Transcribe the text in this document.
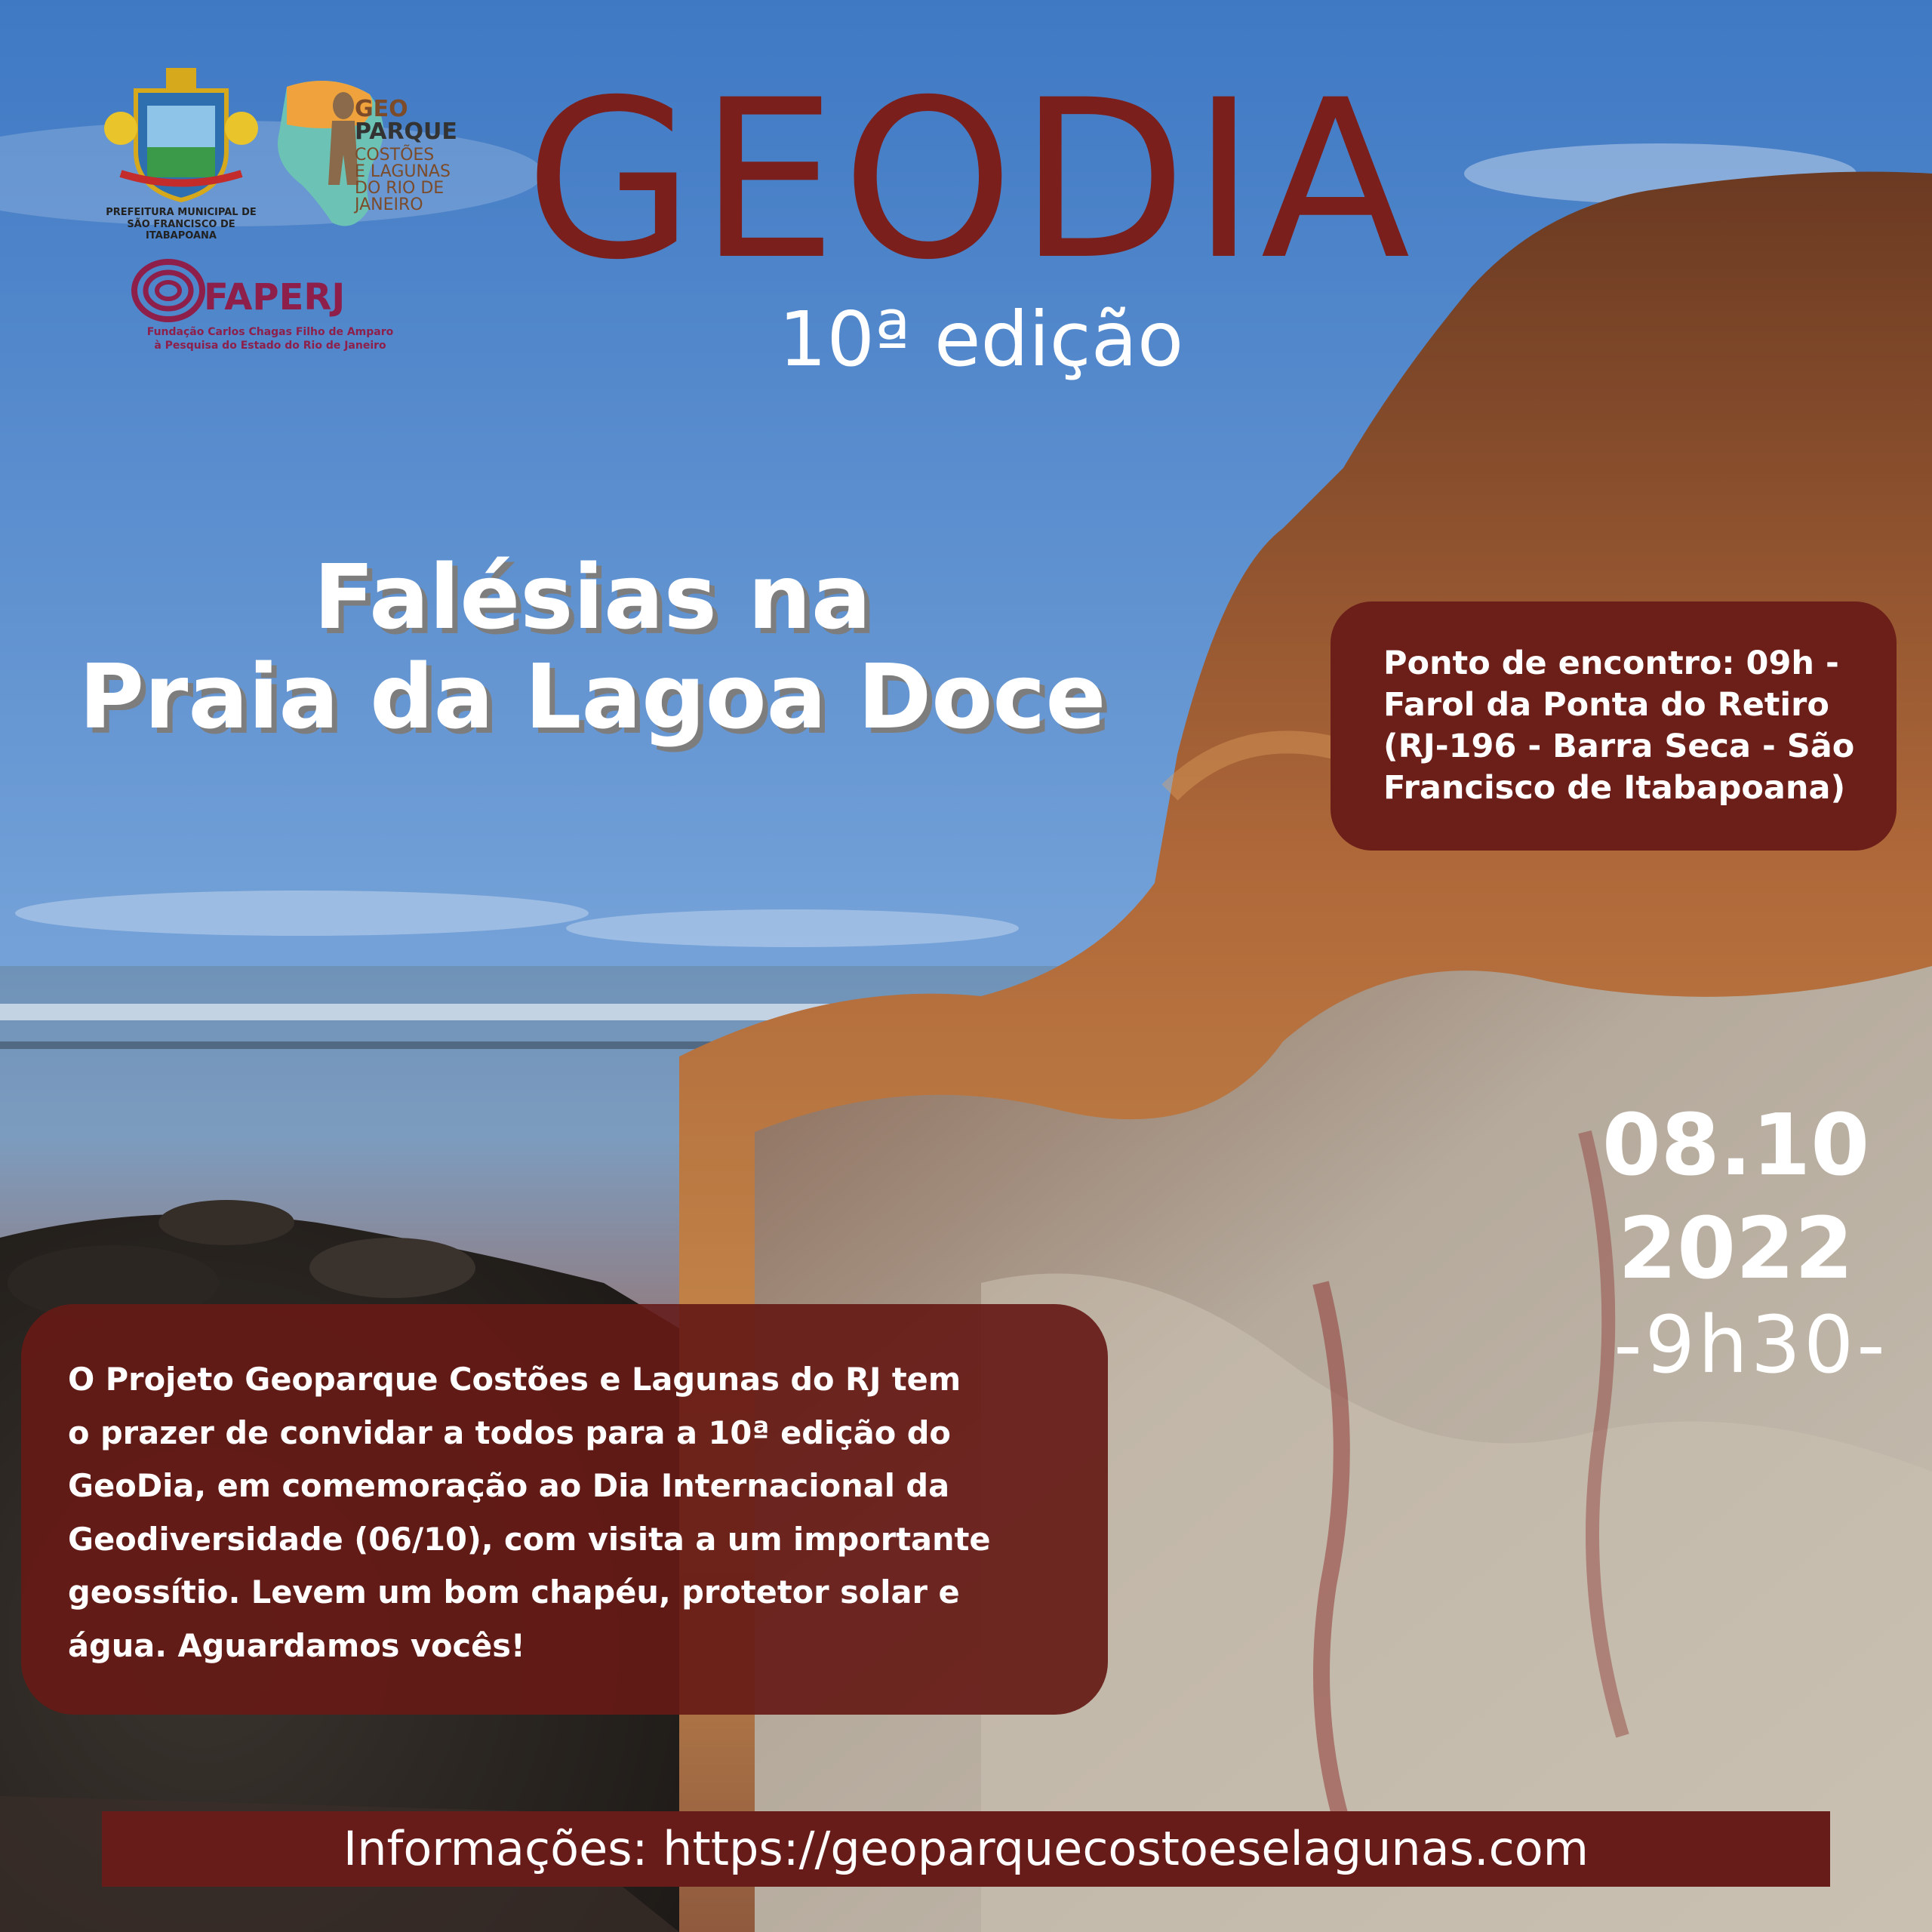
PREFEITURA MUNICIPAL DE
SÃO FRANCISCO DE ITABAPOANA
GEO
PARQUE
COSTÕES
E LAGUNAS
DO RIO DE
JANEIRO
FAPERJ
Fundação Carlos Chagas Filho de Amparo
à Pesquisa do Estado do Rio de Janeiro
GEODIA
10ª edição
Falésias na
Praia da Lagoa Doce	Ponto de encontro: 09h -
Farol da Ponta do Retiro
(RJ-196 - Barra Seca - São
Francisco de Itabapoana)
08.10
2022
-9h30-
O Projeto Geoparque Costões e Lagunas do RJ tem
o prazer de convidar a todos para a 10ª edição do
GeoDia, em comemoração ao Dia Internacional da
Geodiversidade (06/10), com visita a um importante
geossítio. Levem um bom chapéu, protetor solar e
água. Aguardamos vocês!
Informações: https://geoparquecostoeselagunas.com
